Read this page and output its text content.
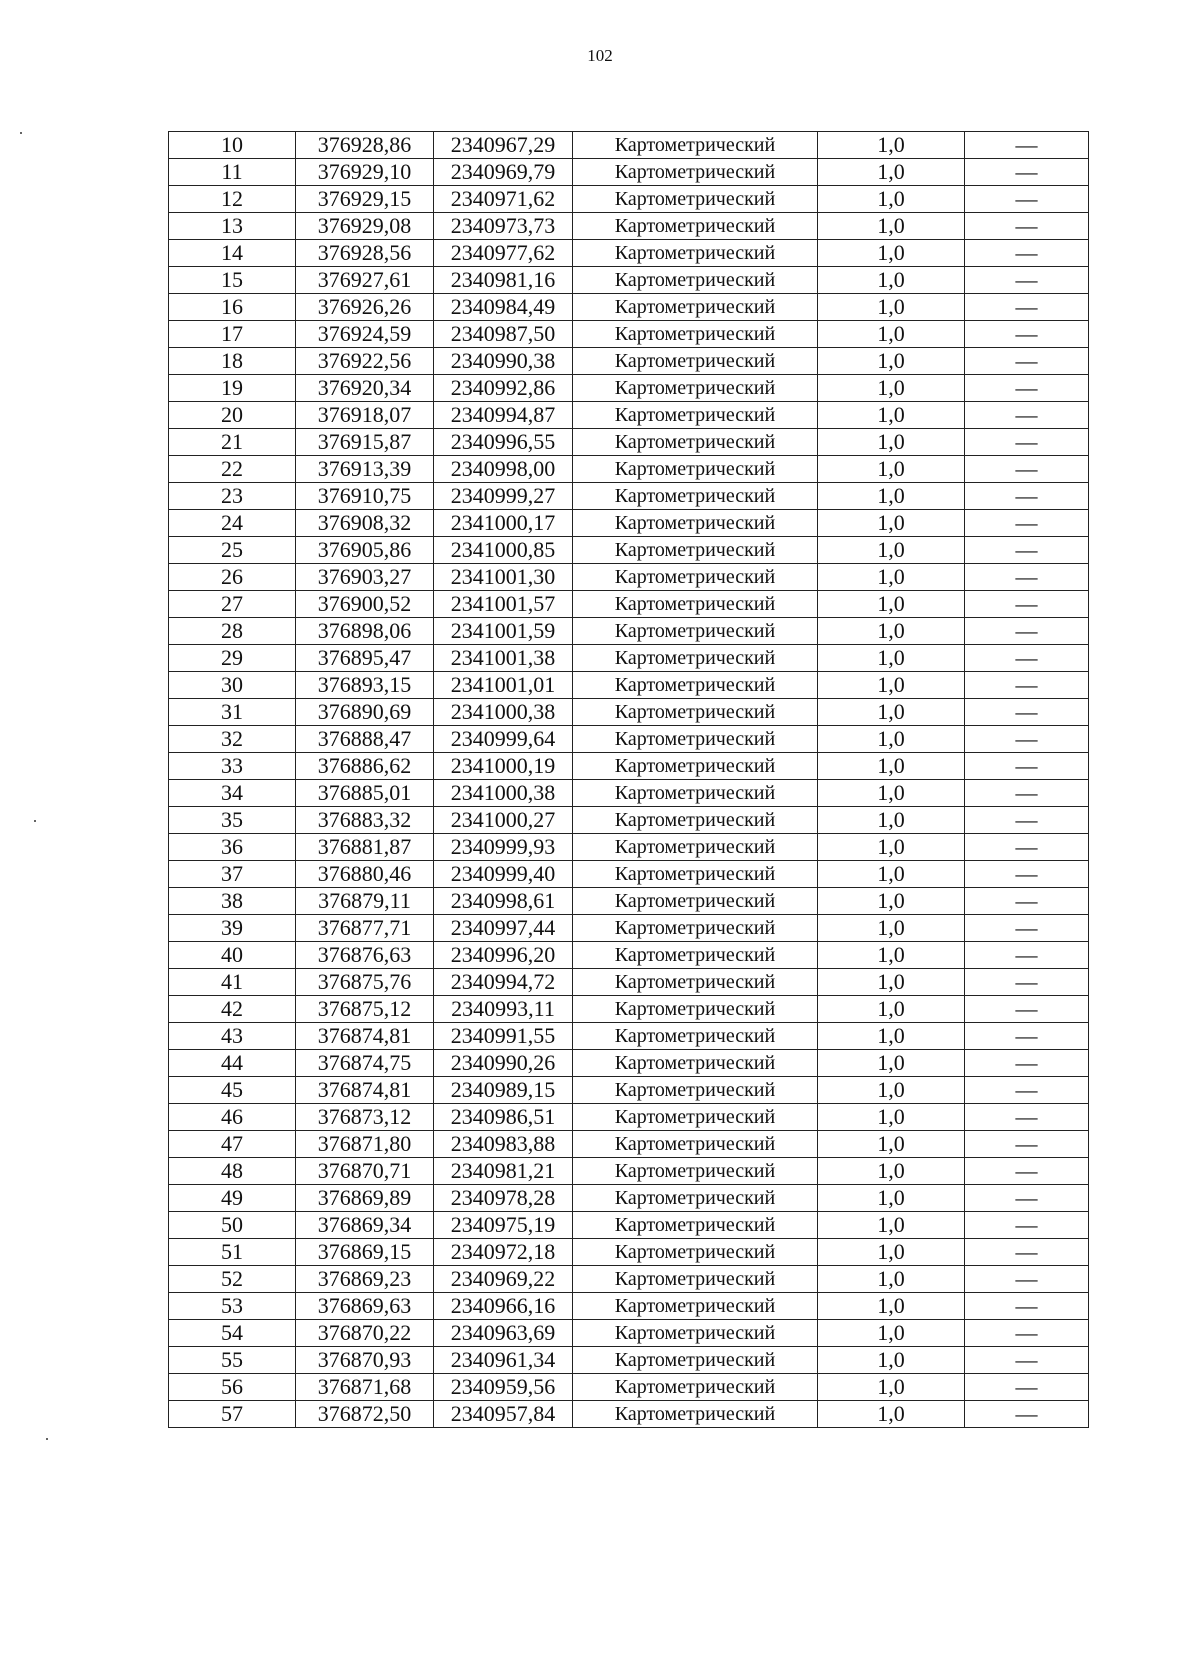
102
10	376928,86	2340967,29	Картометрический	1,0	—
11	376929,10	2340969,79	Картометрический	1,0	—
12	376929,15	2340971,62	Картометрический	1,0	—
13	376929,08	2340973,73	Картометрический	1,0	—
14	376928,56	2340977,62	Картометрический	1,0	—
15	376927,61	2340981,16	Картометрический	1,0	—
16	376926,26	2340984,49	Картометрический	1,0	—
17	376924,59	2340987,50	Картометрический	1,0	—
18	376922,56	2340990,38	Картометрический	1,0	—
19	376920,34	2340992,86	Картометрический	1,0	—
20	376918,07	2340994,87	Картометрический	1,0	—
21	376915,87	2340996,55	Картометрический	1,0	—
22	376913,39	2340998,00	Картометрический	1,0	—
23	376910,75	2340999,27	Картометрический	1,0	—
24	376908,32	2341000,17	Картометрический	1,0	—
25	376905,86	2341000,85	Картометрический	1,0	—
26	376903,27	2341001,30	Картометрический	1,0	—
27	376900,52	2341001,57	Картометрический	1,0	—
28	376898,06	2341001,59	Картометрический	1,0	—
29	376895,47	2341001,38	Картометрический	1,0	—
30	376893,15	2341001,01	Картометрический	1,0	—
31	376890,69	2341000,38	Картометрический	1,0	—
32	376888,47	2340999,64	Картометрический	1,0	—
33	376886,62	2341000,19	Картометрический	1,0	—
34	376885,01	2341000,38	Картометрический	1,0	—
35	376883,32	2341000,27	Картометрический	1,0	—
36	376881,87	2340999,93	Картометрический	1,0	—
37	376880,46	2340999,40	Картометрический	1,0	—
38	376879,11	2340998,61	Картометрический	1,0	—
39	376877,71	2340997,44	Картометрический	1,0	—
40	376876,63	2340996,20	Картометрический	1,0	—
41	376875,76	2340994,72	Картометрический	1,0	—
42	376875,12	2340993,11	Картометрический	1,0	—
43	376874,81	2340991,55	Картометрический	1,0	—
44	376874,75	2340990,26	Картометрический	1,0	—
45	376874,81	2340989,15	Картометрический	1,0	—
46	376873,12	2340986,51	Картометрический	1,0	—
47	376871,80	2340983,88	Картометрический	1,0	—
48	376870,71	2340981,21	Картометрический	1,0	—
49	376869,89	2340978,28	Картометрический	1,0	—
50	376869,34	2340975,19	Картометрический	1,0	—
51	376869,15	2340972,18	Картометрический	1,0	—
52	376869,23	2340969,22	Картометрический	1,0	—
53	376869,63	2340966,16	Картометрический	1,0	—
54	376870,22	2340963,69	Картометрический	1,0	—
55	376870,93	2340961,34	Картометрический	1,0	—
56	376871,68	2340959,56	Картометрический	1,0	—
57	376872,50	2340957,84	Картометрический	1,0	—
